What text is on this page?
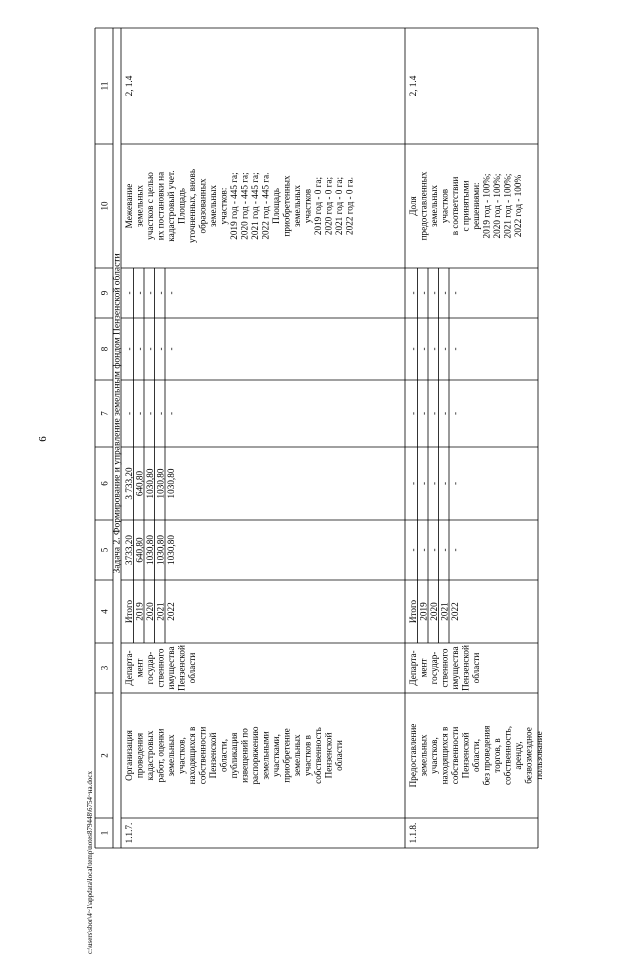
6
c:\users\sbor\4~1\appdata\local\temp\notes879448\6754~на.docx 1
2
3
4
5
6
7
8
9
10
11
Задача 2. Формирование и управление земельным фондом Пензенской области
1.1.7.
Организация проведения кадастровых работ, оценки земельных участков, находящихся в собственности Пензенской области, публикация извещений по распоряжению земельными участками, приобретение земельных участков в собственность Пензенской области
Департа- мент государ- ственного имущества Пензенской области
Итого 2019 2020 2021 2022
3733,20 640,80 1030,80 1030,80 1030,80
3 733,20 640,80 1030,80 1030,80 1030,80
- - - - -
- - - - -
- - - - -
Межевание земельных участков с целью их постановки на кадастровый учет. Площадь уточненных, вновь образованных земельных участков: 2019 год - 445 га; 2020 год - 445 га; 2021 год - 445 га; 2022 год - 445 га. Площадь приобретенных земельных участков 2019 год - 0 га; 2020 год - 0 га; 2021 год - 0 га; 2022 год - 0 га.
2, 1.4
1.1.8.
Предоставление земельных участков, находящихся в собственности Пензенской области, без проведения торгов, в собственность, аренду, безвозмездное пользование
Департа- мент государ- ственного имущества Пензенской области
Итого 2019 2020 2021 2022
- - - - -
- - - - -
- - - - -
- - - - -
- - - - -
Доля предоставленных земельных участков в соответствии с принятыми решениями: 2019 год - 100%; 2020 год - 100%; 2021 год - 100%; 2022 год - 100%
2, 1.4
